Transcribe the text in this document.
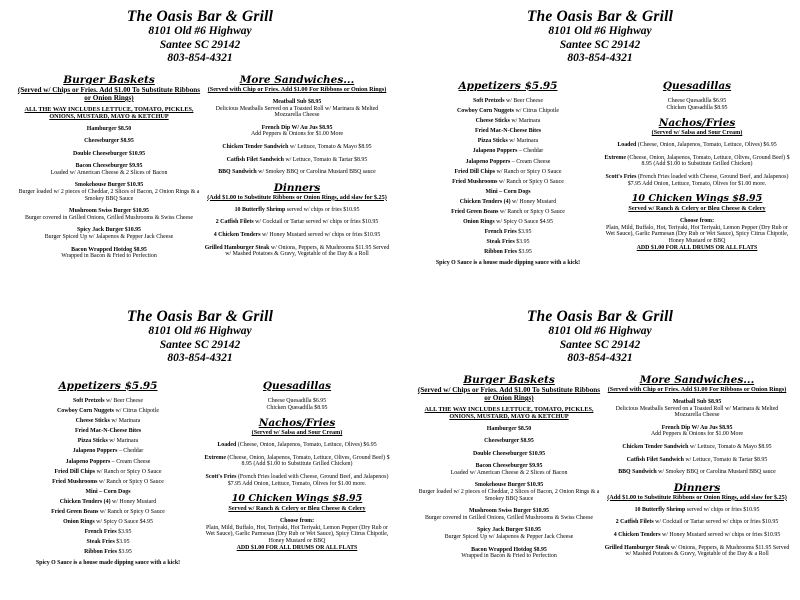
The Oasis Bar & Grill
8101 Old #6 Highway
Santee SC 29142
803-854-4321
Burger Baskets
(Served w/ Chips or Fries. Add $1.00 To Substitute Ribbons or Onion Rings)
ALL THE WAY INCLUDES LETTUCE, TOMATO, PICKLES, ONIONS, MUSTARD, MAYO & KETCHUP
Hamburger $8.50
Cheeseburger $8.95
Double Cheeseburger $10.95
Bacon Cheeseburger $9.95
Loaded w/ American Cheese & 2 Slices of Bacon
Smokehouse Burger $10.95
Burger loaded w/ 2 pieces of Cheddar, 2 Slices of Bacon, 2 Onion Rings & a Smokey BBQ Sauce
Mushroom Swiss Burger $10.95
Burger covered in Grilled Onions, Grilled Mushrooms & Swiss Cheese
Spicy Jack Burger $10.95
Burger Spiced Up w/ Jalapenos & Pepper Jack Cheese
Bacon Wrapped Hotdog $8.95
Wrapped in Bacon & Fried to Perfection
More Sandwiches...
(Served with Chip or Fries. Add $1.00 For Ribbons or Onion Rings)
Meatball Sub $8.95
Delicious Meatballs Served on a Toasted Roll w/ Marinara & Melted Mozzarella Cheese
French Dip W/ Au Jus $8.95
Add Peppers & Onions for $1.00 More
Chicken Tender Sandwich w/ Lettuce, Tomato & Mayo $8.95
Catfish Filet Sandwich w/ Lettuce, Tomato & Tartar $8.95
BBQ Sandwich w/ Smokey BBQ or Carolina Mustard BBQ sauce
Dinners
(Add $1.00 to Substitute Ribbons or Onion Rings, add slaw for $.25)
10 Butterfly Shrimp served w/ chips or fries $10.95
2 Catfish Filets w/ Cocktail or Tartar served w/ chips or fries $10.95
4 Chicken Tenders w/ Honey Mustard served w/ chips or fries $10.95
Grilled Hamburger Steak w/ Onions, Peppers, & Mushrooms $11.95 Served w/ Mashed Potatoes & Gravy, Vegetable of the Day & a Roll
The Oasis Bar & Grill
8101 Old #6 Highway
Santee SC 29142
803-854-4321
Appetizers $5.95
Soft Pretzels w/ Beer Cheese
Cowboy Corn Nuggets w/ Citrus Chipotle
Cheese Sticks w/ Marinara
Fried Mac-N-Cheese Bites
Pizza Sticks w/ Marinara
Jalapeno Poppers – Cheddar
Jalapeno Poppers – Cream Cheese
Fried Dill Chips w/ Ranch or Spicy O Sauce
Fried Mushrooms w/ Ranch or Spicy O Sauce
Mini – Corn Dogs
Chicken Tenders (4) w/ Honey Mustard
Fried Green Beans w/ Ranch or Spicy O Sauce
Onion Rings w/ Spicy O Sauce $4.95
French Fries $3.95
Steak Fries $3.95
Ribbon Fries $3.95
Spicy O Sauce is a house made dipping sauce with a kick!
Quesadillas
Cheese Quesadilla $6.95
Chicken Quesadilla $8.95
Nachos/Fries
(Served w/ Salsa and Sour Cream)
Loaded (Cheese, Onion, Jalapenos, Tomato, Lettuce, Olives) $6.95
Extreme (Cheese, Onion, Jalapenos, Tomato, Lettuce, Olives, Ground Beef) $ 8.95 (Add $1.00 to Substitute Grilled Chicken)
Scott's Fries (French Fries loaded with Cheese, Ground Beef, and Jalapenos) $7.95 Add Onion, Lettuce, Tomato, Olives for $1.00 more.
10 Chicken Wings $8.95
Served w/ Ranch & Celery or Bleu Cheese & Celery
Choose from:
Plain, Mild, Buffalo, Hot, Teriyaki, Hot Teriyaki, Lemon Pepper (Dry Rub or Wet Sauce), Garlic Parmesan (Dry Rub or Wet Sauce), Spicy Citrus Chipotle, Honey Mustard or BBQ
ADD $1.00 FOR ALL DRUMS OR ALL FLATS
The Oasis Bar & Grill
8101 Old #6 Highway
Santee SC 29142
803-854-4321
Appetizers $5.95
Soft Pretzels w/ Beer Cheese
Cowboy Corn Nuggets w/ Citrus Chipotle
Cheese Sticks w/ Marinara
Fried Mac-N-Cheese Bites
Pizza Sticks w/ Marinara
Jalapeno Poppers – Cheddar
Jalapeno Poppers – Cream Cheese
Fried Dill Chips w/ Ranch or Spicy O Sauce
Fried Mushrooms w/ Ranch or Spicy O Sauce
Mini – Corn Dogs
Chicken Tenders (4) w/ Honey Mustard
Fried Green Beans w/ Ranch or Spicy O Sauce
Onion Rings w/ Spicy O Sauce $4.95
French Fries $3.95
Steak Fries $3.95
Ribbon Fries $3.95
Spicy O Sauce is a house made dipping sauce with a kick!
Quesadillas
Cheese Quesadilla $6.95
Chicken Quesadilla $8.95
Nachos/Fries
(Served w/ Salsa and Sour Cream)
Loaded (Cheese, Onion, Jalapenos, Tomato, Lettuce, Olives) $6.95
Extreme (Cheese, Onion, Jalapenos, Tomato, Lettuce, Olives, Ground Beef) $ 8.95 (Add $1.00 to Substitute Grilled Chicken)
Scott's Fries (French Fries loaded with Cheese, Ground Beef, and Jalapenos) $7.95 Add Onion, Lettuce, Tomato, Olives for $1.00 more.
10 Chicken Wings $8.95
Served w/ Ranch & Celery or Bleu Cheese & Celery
Choose from:
Plain, Mild, Buffalo, Hot, Teriyaki, Hot Teriyaki, Lemon Pepper (Dry Rub or Wet Sauce), Garlic Parmesan (Dry Rub or Wet Sauce), Spicy Citrus Chipotle, Honey Mustard or BBQ
ADD $1.00 FOR ALL DRUMS OR ALL FLATS
The Oasis Bar & Grill
8101 Old #6 Highway
Santee SC 29142
803-854-4321
Burger Baskets
(Served w/ Chips or Fries. Add $1.00 To Substitute Ribbons or Onion Rings)
ALL THE WAY INCLUDES LETTUCE, TOMATO, PICKLES, ONIONS, MUSTARD, MAYO & KETCHUP
Hamburger $8.50
Cheeseburger $8.95
Double Cheeseburger $10.95
Bacon Cheeseburger $9.95
Loaded w/ American Cheese & 2 Slices of Bacon
Smokehouse Burger $10.95
Burger loaded w/ 2 pieces of Cheddar, 2 Slices of Bacon, 2 Onion Rings & a Smokey BBQ Sauce
Mushroom Swiss Burger $10.95
Burger covered in Grilled Onions, Grilled Mushrooms & Swiss Cheese
Spicy Jack Burger $10.95
Burger Spiced Up w/ Jalapenos & Pepper Jack Cheese
Bacon Wrapped Hotdog $8.95
Wrapped in Bacon & Fried to Perfection
More Sandwiches...
(Served with Chip or Fries. Add $1.00 For Ribbons or Onion Rings)
Meatball Sub $8.95
Delicious Meatballs Served on a Toasted Roll w/ Marinara & Melted Mozzarella Cheese
French Dip W/ Au Jus $8.95
Add Peppers & Onions for $1.00 More
Chicken Tender Sandwich w/ Lettuce, Tomato & Mayo $8.95
Catfish Filet Sandwich w/ Lettuce, Tomato & Tartar $8.95
BBQ Sandwich w/ Smokey BBQ or Carolina Mustard BBQ sauce
Dinners
(Add $1.00 to Substitute Ribbons or Onion Rings, add slaw for $.25)
10 Butterfly Shrimp served w/ chips or fries $10.95
2 Catfish Filets w/ Cocktail or Tartar served w/ chips or fries $10.95
4 Chicken Tenders w/ Honey Mustard served w/ chips or fries $10.95
Grilled Hamburger Steak w/ Onions, Peppers, & Mushrooms $11.95 Served w/ Mashed Potatoes & Gravy, Vegetable of the Day & a Roll
